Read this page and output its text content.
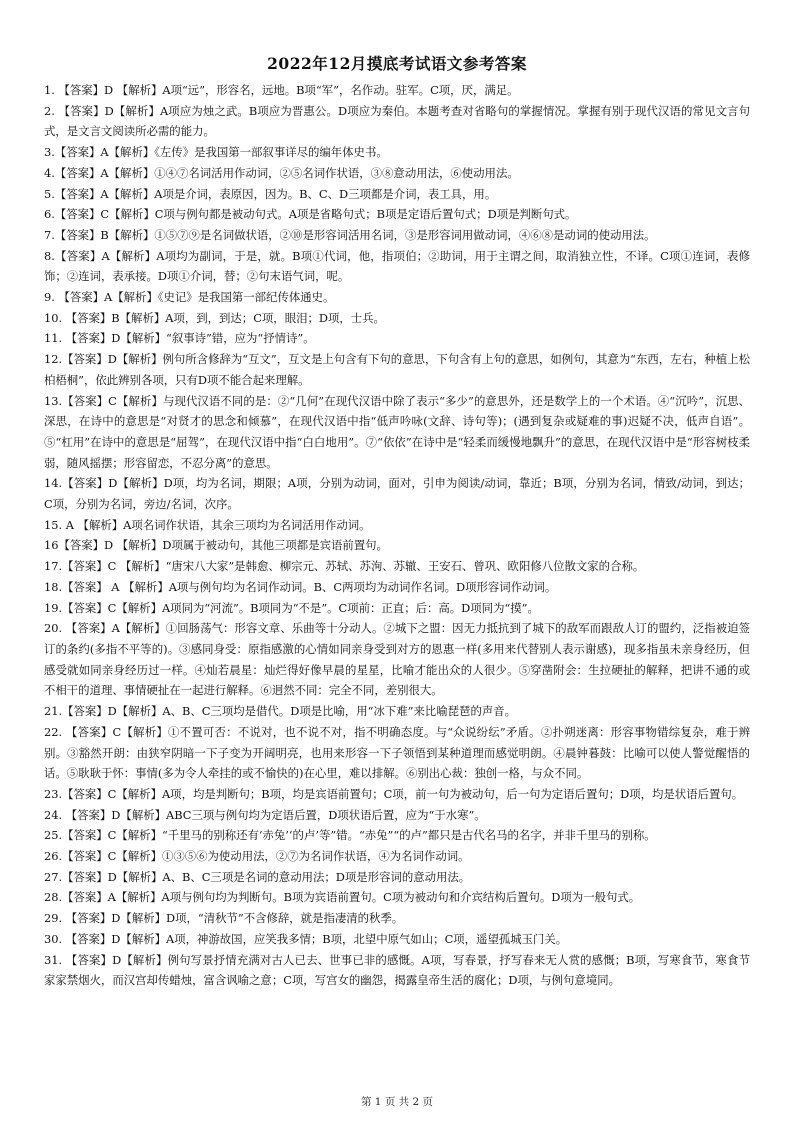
2022年12月摸底考试语文参考答案

1. 【答案】D 【解析】A项“远”，形容名，远地。B项“军”，名作动。驻军。C项，厌，满足。

2. 【答案】D【解析】A项应为烛之武。B项应为晋惠公。D项应为秦伯。本题考查对省略句的掌握情况。掌握有别于现代汉语的常见文言句式，是文言文阅读所必需的能力。

3.【答案】A【解析】《左传》是我国第一部叙事详尽的编年体史书。

4.【答案】A【解析】①④⑦名词活用作动词，②⑤名词作状语，③⑧意动用法，⑥使动用法。

5.【答案】A【解析】A项是介词，表原因，因为。B、C、D三项都是介词，表工具，用。

6.【答案】C【解析】C项与例句都是被动句式。A项是省略句式；B项是定语后置句式；D项是判断句式。

7.【答案】B【解析】①⑤⑦⑨是名词做状语，②⑩是形容词活用名词，③是形容词用做动词，④⑥⑧是动词的使动用法。

8.【答案】A【解析】A项均为副词，于是，就。B项①代词，他，指项伯；②助词，用于主谓之间，取消独立性，不译。C项①连词，表修饰；②连词，表承接。D项①介词，替；②句末语气词，呢。

9. 【答案】A【解析】《史记》是我国第一部纪传体通史。

10. 【答案】B【解析】A项，到，到达；C项，眼泪；D项，士兵。

11. 【答案】D【解析】“叙事诗”错，应为“抒情诗”。

12.【答案】D【解析】例句所含修辞为“互文”，互文是上句含有下句的意思，下句含有上句的意思，如例句，其意为“东西，左右，种植上松柏梧桐”，依此辨别各项，只有D项不能合起来理解。

13.【答案】C【解析】与现代汉语不同的是：②“几何”在现代汉语中除了表示“多少”的意思外，还是数学上的一个术语。④“沉吟”，沉思、深思，在诗中的意思是“对贤才的思念和倾慕”，在现代汉语中指“低声吟咏(文辞、诗句等)；(遇到复杂或疑难的事)迟疑不决，低声自语”。⑤“杠用”在诗中的意思是“屈驾”，在现代汉语中指“白白地用”。⑦“依依”在诗中是“轻柔而缓慢地飘升”的意思，在现代汉语中是“形容树枝柔弱，随风摇摆；形容留恋，不忍分离”的意思。

14.【答案】D【解析】D项，均为名词，期限；A项，分别为动词，面对，引申为阅读/动词，靠近；B项，分别为名词，情致/动词，到达；C项，分别为名词，旁边/名词，次序。

15. A 【解析】A项名词作状语，其余三项均为名词活用作动词。

16【答案】D 【解析】D项属于被动句，其他三项都是宾语前置句。

17.【答案】C 【解析】“唐宋八大家”是韩愈、柳宗元、苏轼、苏洵、苏辙、王安石、曾巩、欧阳修八位散文家的合称。

18.【答案】 A 【解析】A项与例句均为名词作动词。B、C两项均为动词作名词。D项形容词作动词。

19.【答案】C【解析】A项同为“河流”。B项同为“不是”。C项前：正直；后：高。D项同为“摸”。

20. 【答案】A【解析】①回肠荡气：形容文章、乐曲等十分动人。②城下之盟：因无力抵抗到了城下的敌军而跟敌人订的盟约，泛指被迫签订的条约(多指不平等的)。③感同身受：原指感激的心情如同亲身受到对方的恩惠一样(多用来代替别人表示谢感)，现多指虽未亲身经历，但感受就如同亲身经历过一样。④灿若晨星：灿烂得好像早晨的星星，比喻才能出众的人很少。⑤穿凿附会：生拉硬扯的解释，把讲不通的或不相干的道理、事情硬扯在一起进行解释。⑥迥然不同：完全不同，差别很大。

21.【答案】D【解析】A、B、C三项均是借代。D项是比喻，用“冰下难”来比喻琵琶的声音。

22. 【答案】C【解析】①不置可否：不说对，也不说不对，指不明确态度。与“众说纷纭”矛盾。②扑朔迷离：形容事物错综复杂，难于辨别。③豁然开朗：由狭窄阴暗一下子变为开阔明亮，也用来形容一下子领悟到某种道理而感觉明朗。④晨钟暮鼓：比喻可以使人警觉醒悟的话。⑤耿耿于怀：事情(多为令人牵挂的或不愉快的)在心里，难以排解。⑥别出心裁：独创一格，与众不同。

23.【答案】C【解析】A项，均是判断句；B项，均是宾语前置句；C项，前一句为被动句，后一句为定语后置句；D项，均是状语后置句。

24. 【答案】D【解析】ABC三项与例句均为定语后置，D项状语后置，应为“于水寒”。

25.【答案】C【解析】“千里马的别称还有‘赤兔’‘的卢’等”错。“赤兔”“的卢”都只是古代名马的名字，并非千里马的别称。

26.【答案】C【解析】①③⑤⑥为使动用法，②⑦为名词作状语，④为名词作动词。

27.【答案】D【解析】A、B、C三项是名词的意动用法；D项是形容词的意动用法。

28.【答案】A【解析】A项与例句均为判断句。B项为宾语前置句。C项为被动句和介宾结构后置句。D项为一般句式。

29. 【答案】D【解析】D项，“清秋节”不含修辞，就是指凄清的秋季。

30. 【答案】D【解析】A项，神游故国，应笑我多情；B项，北望中原气如山；C项，遥望孤城玉门关。

31. 【答案】D【解析】例句写景抒情充满对古人已去、世事已非的感慨。A项，写春景，抒写春来无人赏的感慨；B项，写寒食节，寒食节家家禁烟火，而汉宫却传蜡烛，富含讽喻之意；C项，写宫女的幽怨，揭露皇帝生活的腐化；D项，与例句意境同。

第 1 页 共 2 页
